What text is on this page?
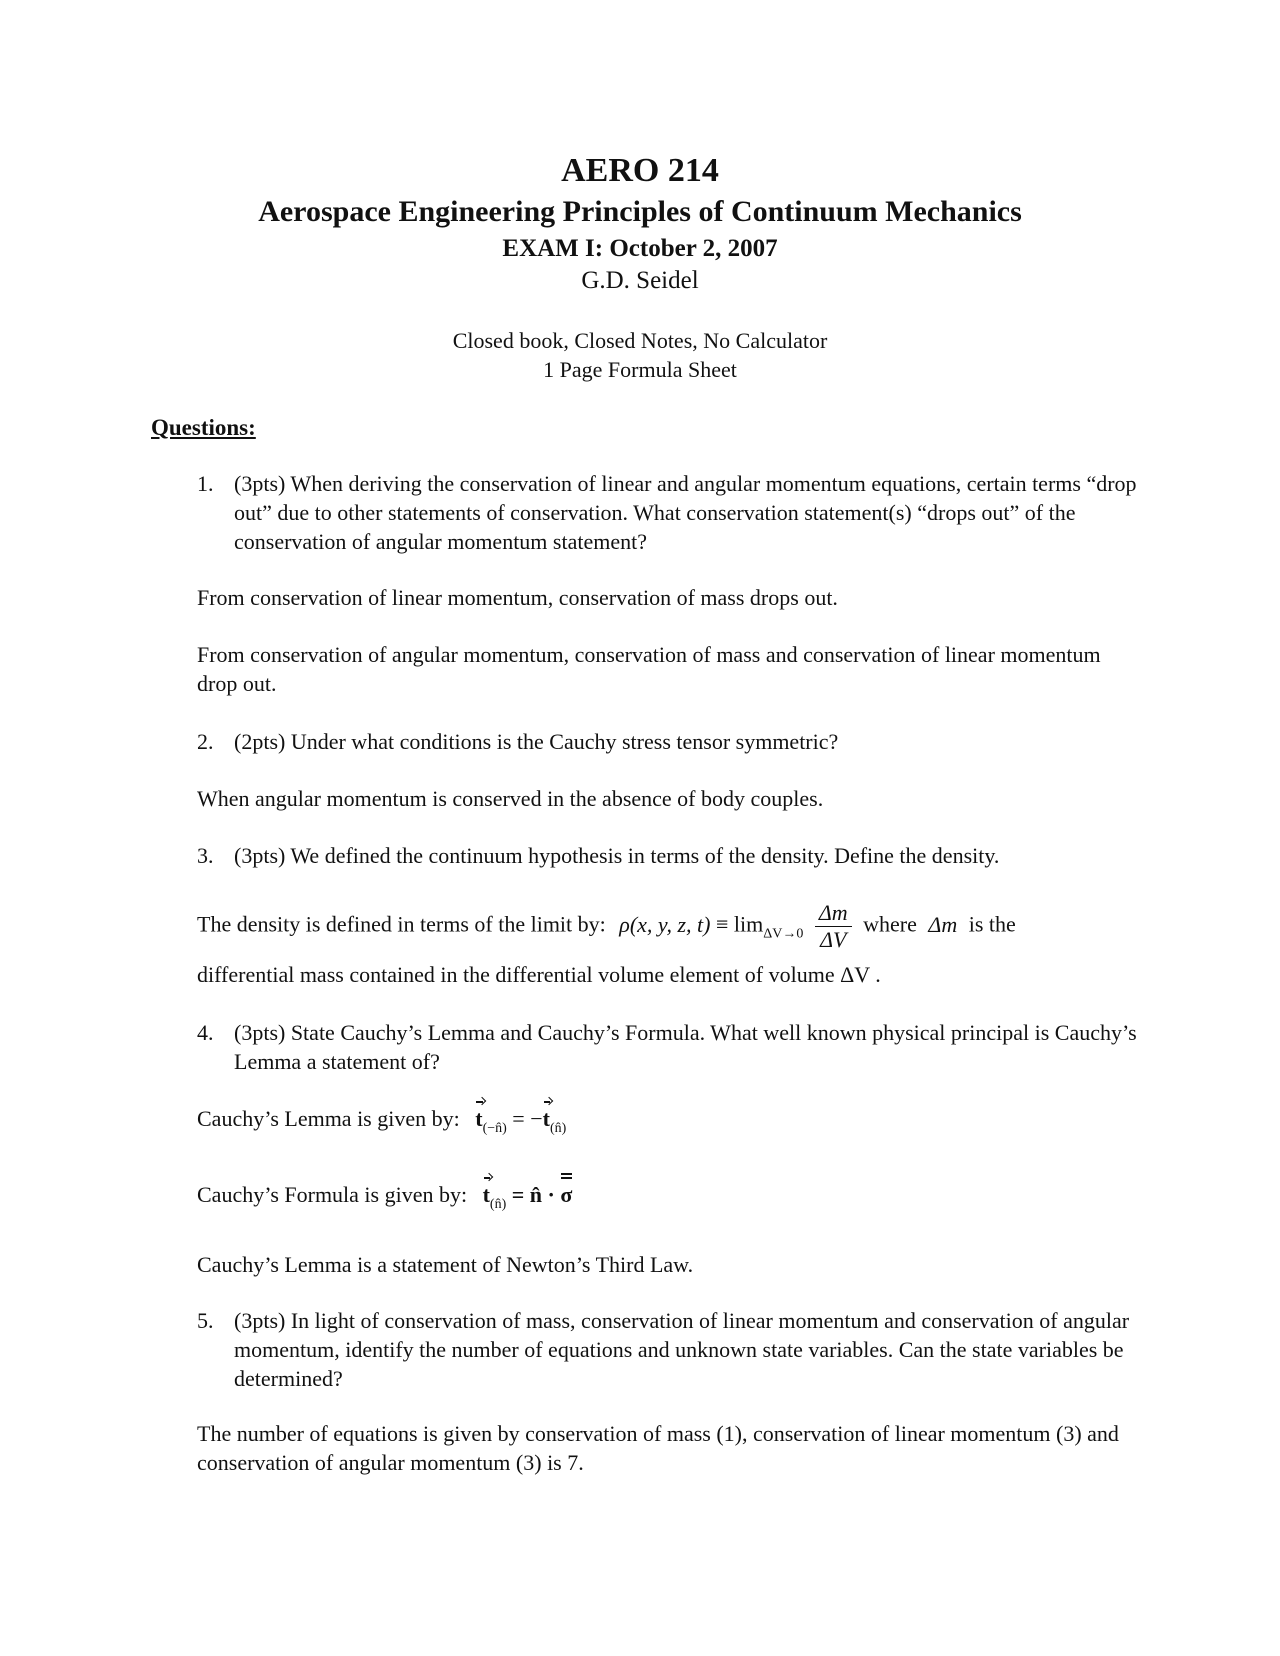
AERO 214
Aerospace Engineering Principles of Continuum Mechanics
EXAM I: October 2, 2007
G.D. Seidel
Closed book, Closed Notes, No Calculator
1 Page Formula Sheet
Questions:
1. (3pts) When deriving the conservation of linear and angular momentum equations, certain terms “drop out” due to other statements of conservation. What conservation statement(s) “drops out” of the conservation of angular momentum statement?
From conservation of linear momentum, conservation of mass drops out.
From conservation of angular momentum, conservation of mass and conservation of linear momentum drop out.
2. (2pts) Under what conditions is the Cauchy stress tensor symmetric?
When angular momentum is conserved in the absence of body couples.
3. (3pts) We defined the continuum hypothesis in terms of the density. Define the density.
The density is defined in terms of the limit by: ρ(x, y, z, $t) \equiv \lim_{\Delta V\to 0} \frac{\Delta m}{\Delta V}$ where Δm is the
differential mass contained in the differential volume element of volume ΔV .
4. (3pts) State Cauchy’s Lemma and Cauchy’s Formula. What well known physical principal is Cauchy’s Lemma a statement of?
Cauchy’s Lemma is given by: $t_{(-n̂)} = -t_{(n̂)}$
Cauchy’s Formula is given by: $t_{(n̂)}$ = n̂ · σ
Cauchy’s Lemma is a statement of Newton’s Third Law.
5. (3pts) In light of conservation of mass, conservation of linear momentum and conservation of angular momentum, identify the number of equations and unknown state variables. Can the state variables be determined?
The number of equations is given by conservation of mass (1), conservation of linear momentum (3) and conservation of angular momentum (3) is 7.
